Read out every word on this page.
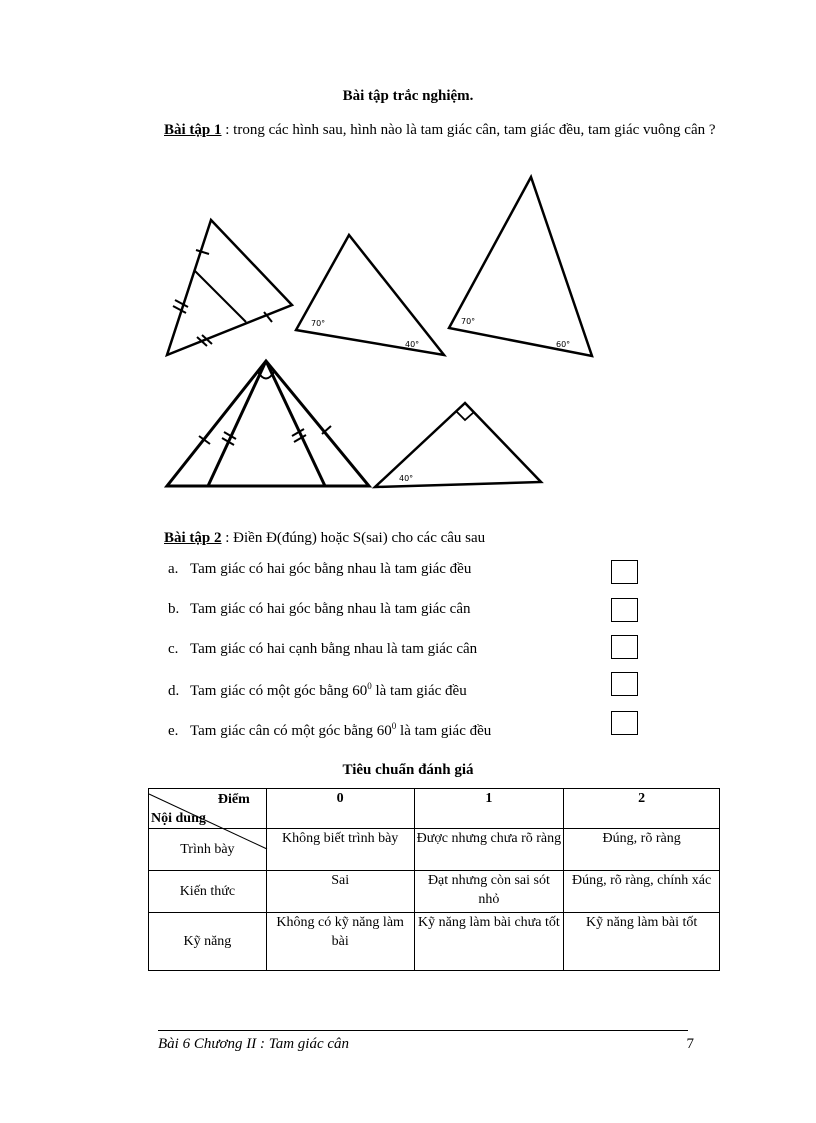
Bài tập trắc nghiệm.
Bài tập 1 : trong các hình sau, hình nào là tam giác cân, tam giác đều, tam giác vuông cân ?
70°
40°
70°
60°
40°
Bài tập 2 : Điền Đ(đúng) hoặc S(sai) cho các câu sau
a. Tam giác có hai góc bằng nhau là tam giác đều
b. Tam giác có hai góc bằng nhau là tam giác cân
c. Tam giác có hai cạnh bằng nhau là tam giác cân
d. Tam giác có một góc bằng $60^0$ là tam giác đều
e. Tam giác cân có một góc bằng $60^0$ là tam giác đều
Tiêu chuẩn đánh giá
Điểm
Nội dung	0	1	2
Trình bày	Không biết trình bày	Được nhưng chưa rõ ràng	Đúng, rõ ràng
Kiến thức	Sai	Đạt nhưng còn sai sót nhỏ	Đúng, rõ ràng, chính xác
Kỹ năng	Không có kỹ năng làm bài	Kỹ năng làm bài chưa tốt	Kỹ năng làm bài tốt
Bài 6 Chương II : Tam giác cân	7
